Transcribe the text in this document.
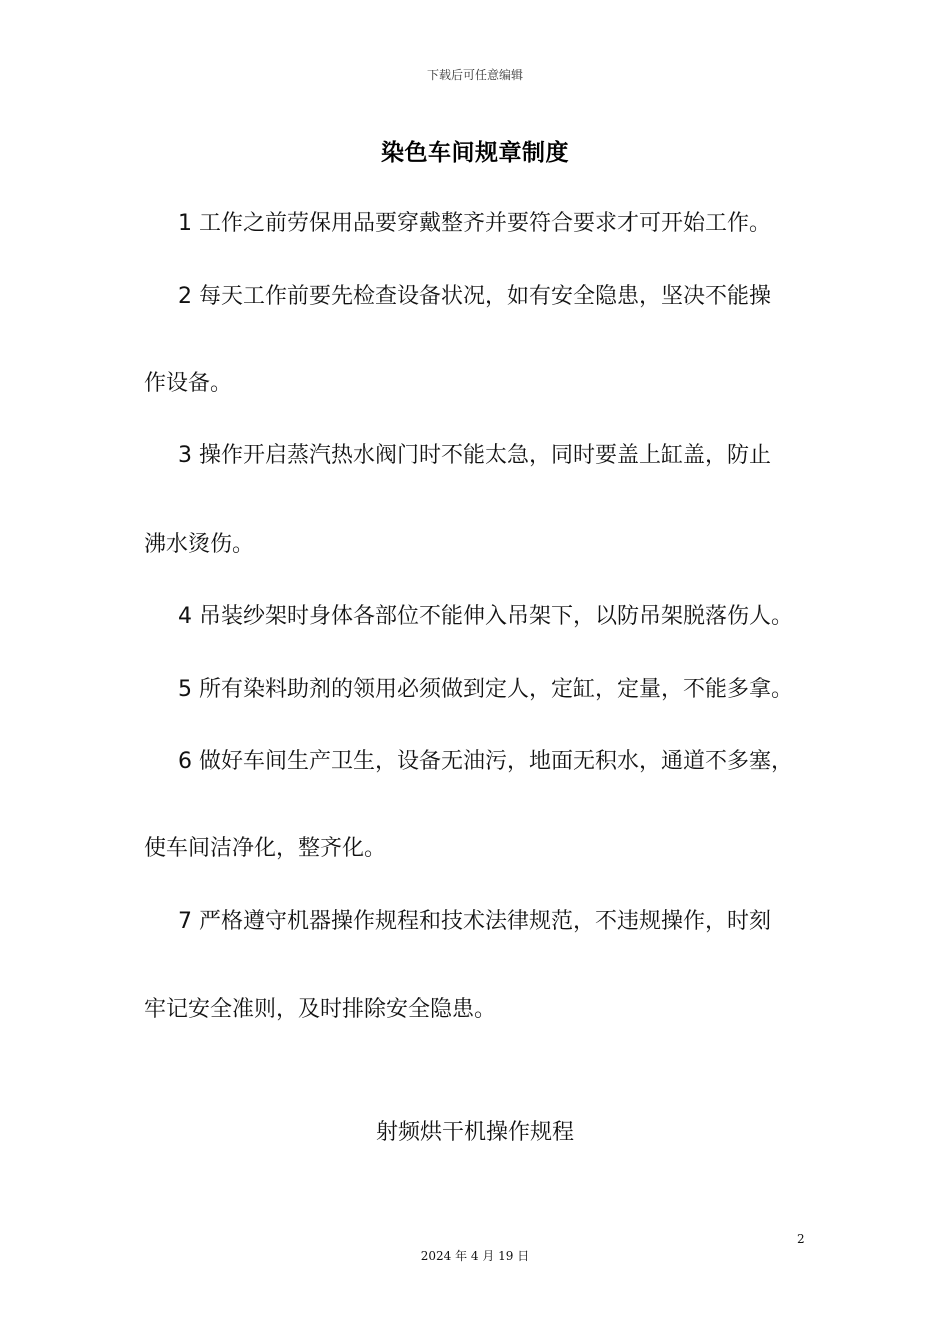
下载后可任意编辑
染色车间规章制度
1 工作之前劳保用品要穿戴整齐并要符合要求才可开始工作。
2 每天工作前要先检查设备状况，如有安全隐患，坚决不能操
作设备。
3 操作开启蒸汽热水阀门时不能太急，同时要盖上缸盖，防止
沸水烫伤。
4 吊装纱架时身体各部位不能伸入吊架下，以防吊架脱落伤人。
5 所有染料助剂的领用必须做到定人，定缸，定量，不能多拿。
6 做好车间生产卫生，设备无油污，地面无积水，通道不多塞，
使车间洁净化，整齐化。
7 严格遵守机器操作规程和技术法律规范，不违规操作，时刻
牢记安全准则，及时排除安全隐患。
射频烘干机操作规程
2
2024 年 4 月 19 日
